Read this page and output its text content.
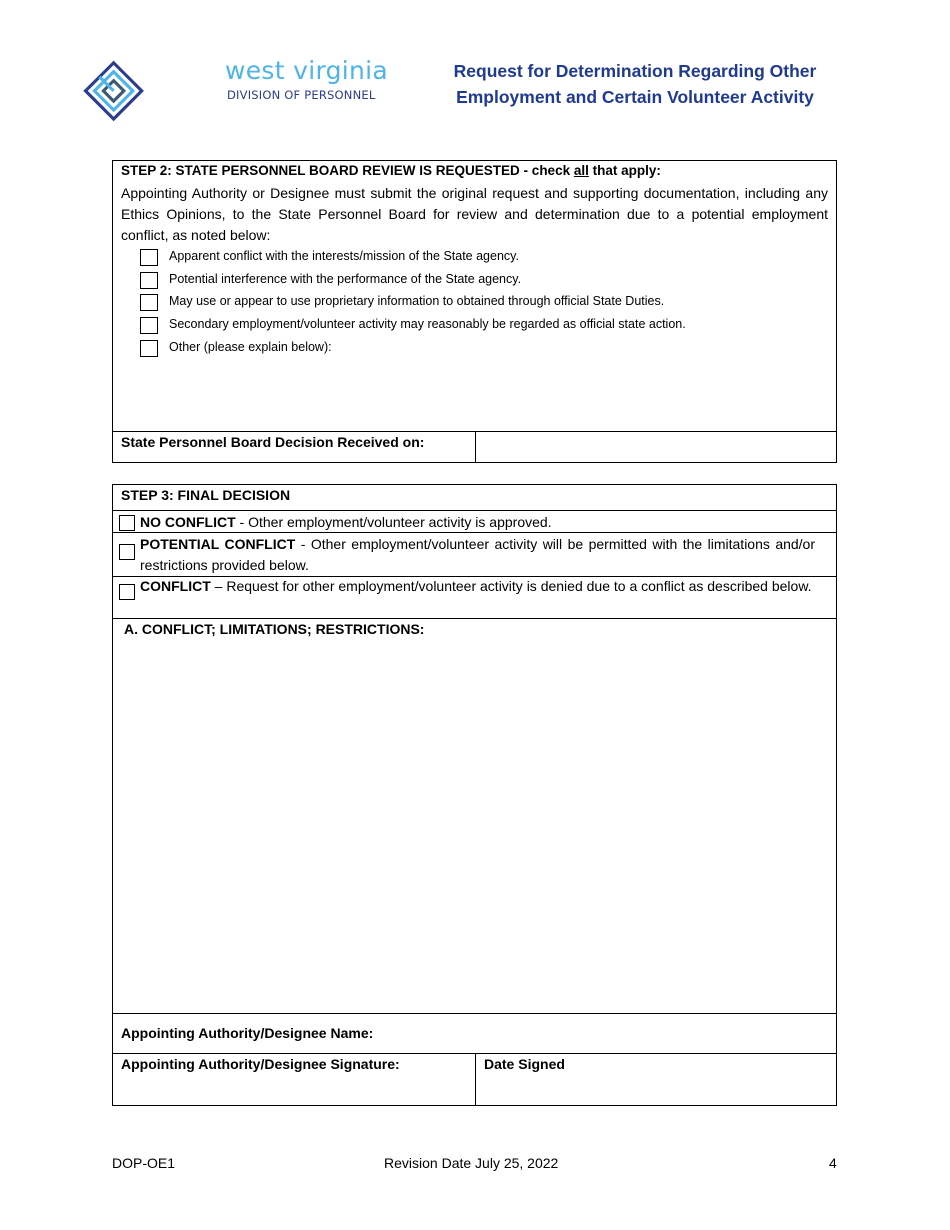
west virginia
DIVISION OF PERSONNEL
Request for Determination Regarding Other
Employment and Certain Volunteer Activity
STEP 2: STATE PERSONNEL BOARD REVIEW IS REQUESTED - check all that apply:
Appointing Authority or Designee must submit the original request and supporting documentation, including any Ethics Opinions, to the State Personnel Board for review and determination due to a potential employment conflict, as noted below:
Apparent conflict with the interests/mission of the State agency.
Potential interference with the performance of the State agency.
May use or appear to use proprietary information to obtained through official State Duties.
Secondary employment/volunteer activity may reasonably be regarded as official state action.
Other (please explain below):
State Personnel Board Decision Received on:
STEP 3: FINAL DECISION
NO CONFLICT - Other employment/volunteer activity is approved.
POTENTIAL CONFLICT - Other employment/volunteer activity will be permitted with the limitations and/or restrictions provided below.
CONFLICT – Request for other employment/volunteer activity is denied due to a conflict as described below.
A. CONFLICT; LIMITATIONS; RESTRICTIONS:
Appointing Authority/Designee Name:
Appointing Authority/Designee Signature:	Date Signed
DOP-OE1	Revision Date July 25, 2022	4
